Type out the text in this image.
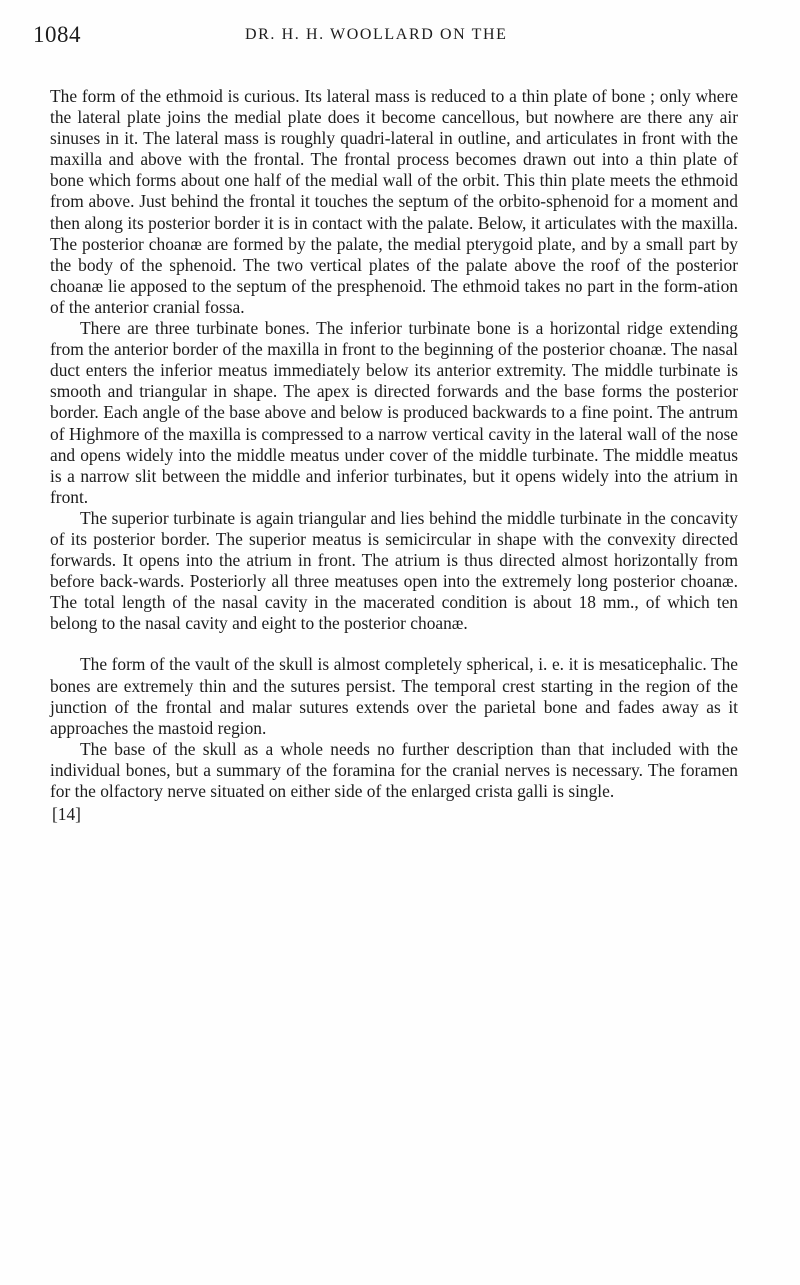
1084	DR. H. H. WOOLLARD ON THE

The form of the ethmoid is curious. Its lateral mass is reduced to a thin plate of bone ; only where the lateral plate joins the medial plate does it become cancellous, but nowhere are there any air sinuses in it. The lateral mass is roughly quadri-lateral in outline, and articulates in front with the maxilla and above with the frontal. The frontal process becomes drawn out into a thin plate of bone which forms about one half of the medial wall of the orbit. This thin plate meets the ethmoid from above. Just behind the frontal it touches the septum of the orbito-sphenoid for a moment and then along its posterior border it is in contact with the palate. Below, it articulates with the maxilla. The posterior choanæ are formed by the palate, the medial pterygoid plate, and by a small part by the body of the sphenoid. The two vertical plates of the palate above the roof of the posterior choanæ lie apposed to the septum of the presphenoid. The ethmoid takes no part in the form-ation of the anterior cranial fossa.

There are three turbinate bones. The inferior turbinate bone is a horizontal ridge extending from the anterior border of the maxilla in front to the beginning of the posterior choanæ. The nasal duct enters the inferior meatus immediately below its anterior extremity. The middle turbinate is smooth and triangular in shape. The apex is directed forwards and the base forms the posterior border. Each angle of the base above and below is produced backwards to a fine point. The antrum of Highmore of the maxilla is compressed to a narrow vertical cavity in the lateral wall of the nose and opens widely into the middle meatus under cover of the middle turbinate. The middle meatus is a narrow slit between the middle and inferior turbinates, but it opens widely into the atrium in front.

The superior turbinate is again triangular and lies behind the middle turbinate in the concavity of its posterior border. The superior meatus is semicircular in shape with the convexity directed forwards. It opens into the atrium in front. The atrium is thus directed almost horizontally from before back-wards. Posteriorly all three meatuses open into the extremely long posterior choanæ. The total length of the nasal cavity in the macerated condition is about 18 mm., of which ten belong to the nasal cavity and eight to the posterior choanæ.

The form of the vault of the skull is almost completely spherical, i. e. it is mesaticephalic. The bones are extremely thin and the sutures persist. The temporal crest starting in the region of the junction of the frontal and malar sutures extends over the parietal bone and fades away as it approaches the mastoid region.

The base of the skull as a whole needs no further description than that included with the individual bones, but a summary of the foramina for the cranial nerves is necessary. The foramen for the olfactory nerve situated on either side of the enlarged crista galli is single.

[14]
